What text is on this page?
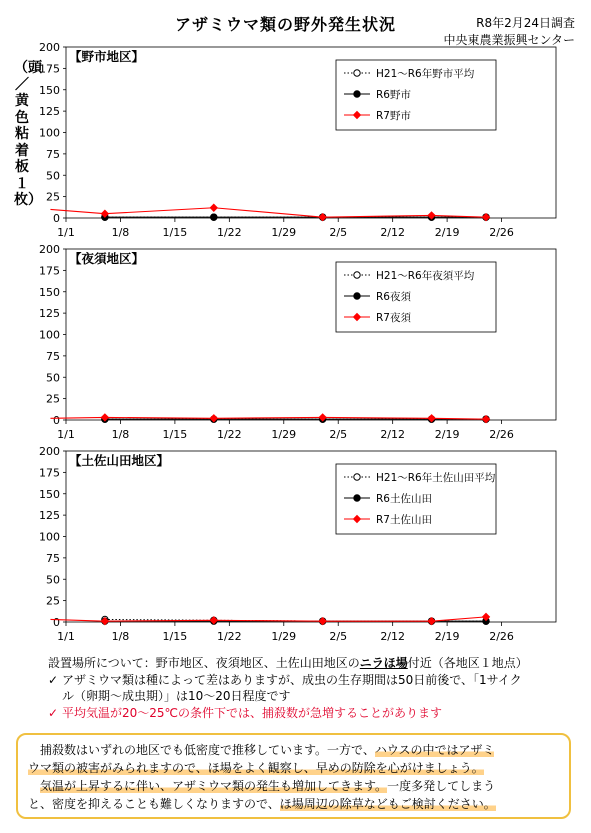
アザミウマ類の野外発生状況	R8年2月24日調査
中央東農業振興センター
（頭／黄色粘着板１枚）
0
25
50
75
100
125
150
175
200
1/1	1/8	1/15	1/22	1/29	2/5	2/12	2/19	2/26
【野市地区】
H21～R6年野市平均
R6野市
R7野市
0
25
50
75
100
125
150
175
200
1/1	1/8	1/15	1/22	1/29	2/5	2/12	2/19	2/26
【夜須地区】
H21～R6年夜須平均
R6夜須
R7夜須
0
25
50
75
100
125
150
175
200
1/1	1/8	1/15	1/22	1/29	2/5	2/12	2/19	2/26
【土佐山田地区】
H21～R6年土佐山田平均
R6土佐山田
R7土佐山田
設置場所について：野市地区、夜須地区、土佐山田地区のニラほ場付近（各地区１地点）
✓ アザミウマ類は種によって差はありますが、成虫の生存期間は50日前後で、「1サイク
ル（卵期～成虫期）」は10～20日程度です
✓ 平均気温が20～25℃の条件下では、捕殺数が急増することがあります
　捕殺数はいずれの地区でも低密度で推移しています。一方で、ハウスの中ではアザミ
ウマ類の被害がみられますので、ほ場をよく観察し、早めの防除を心がけましょう。
　気温が上昇するに伴い、アザミウマ類の発生も増加してきます。一度多発してしまう
と、密度を抑えることも難しくなりますので、ほ場周辺の除草などもご検討ください。
